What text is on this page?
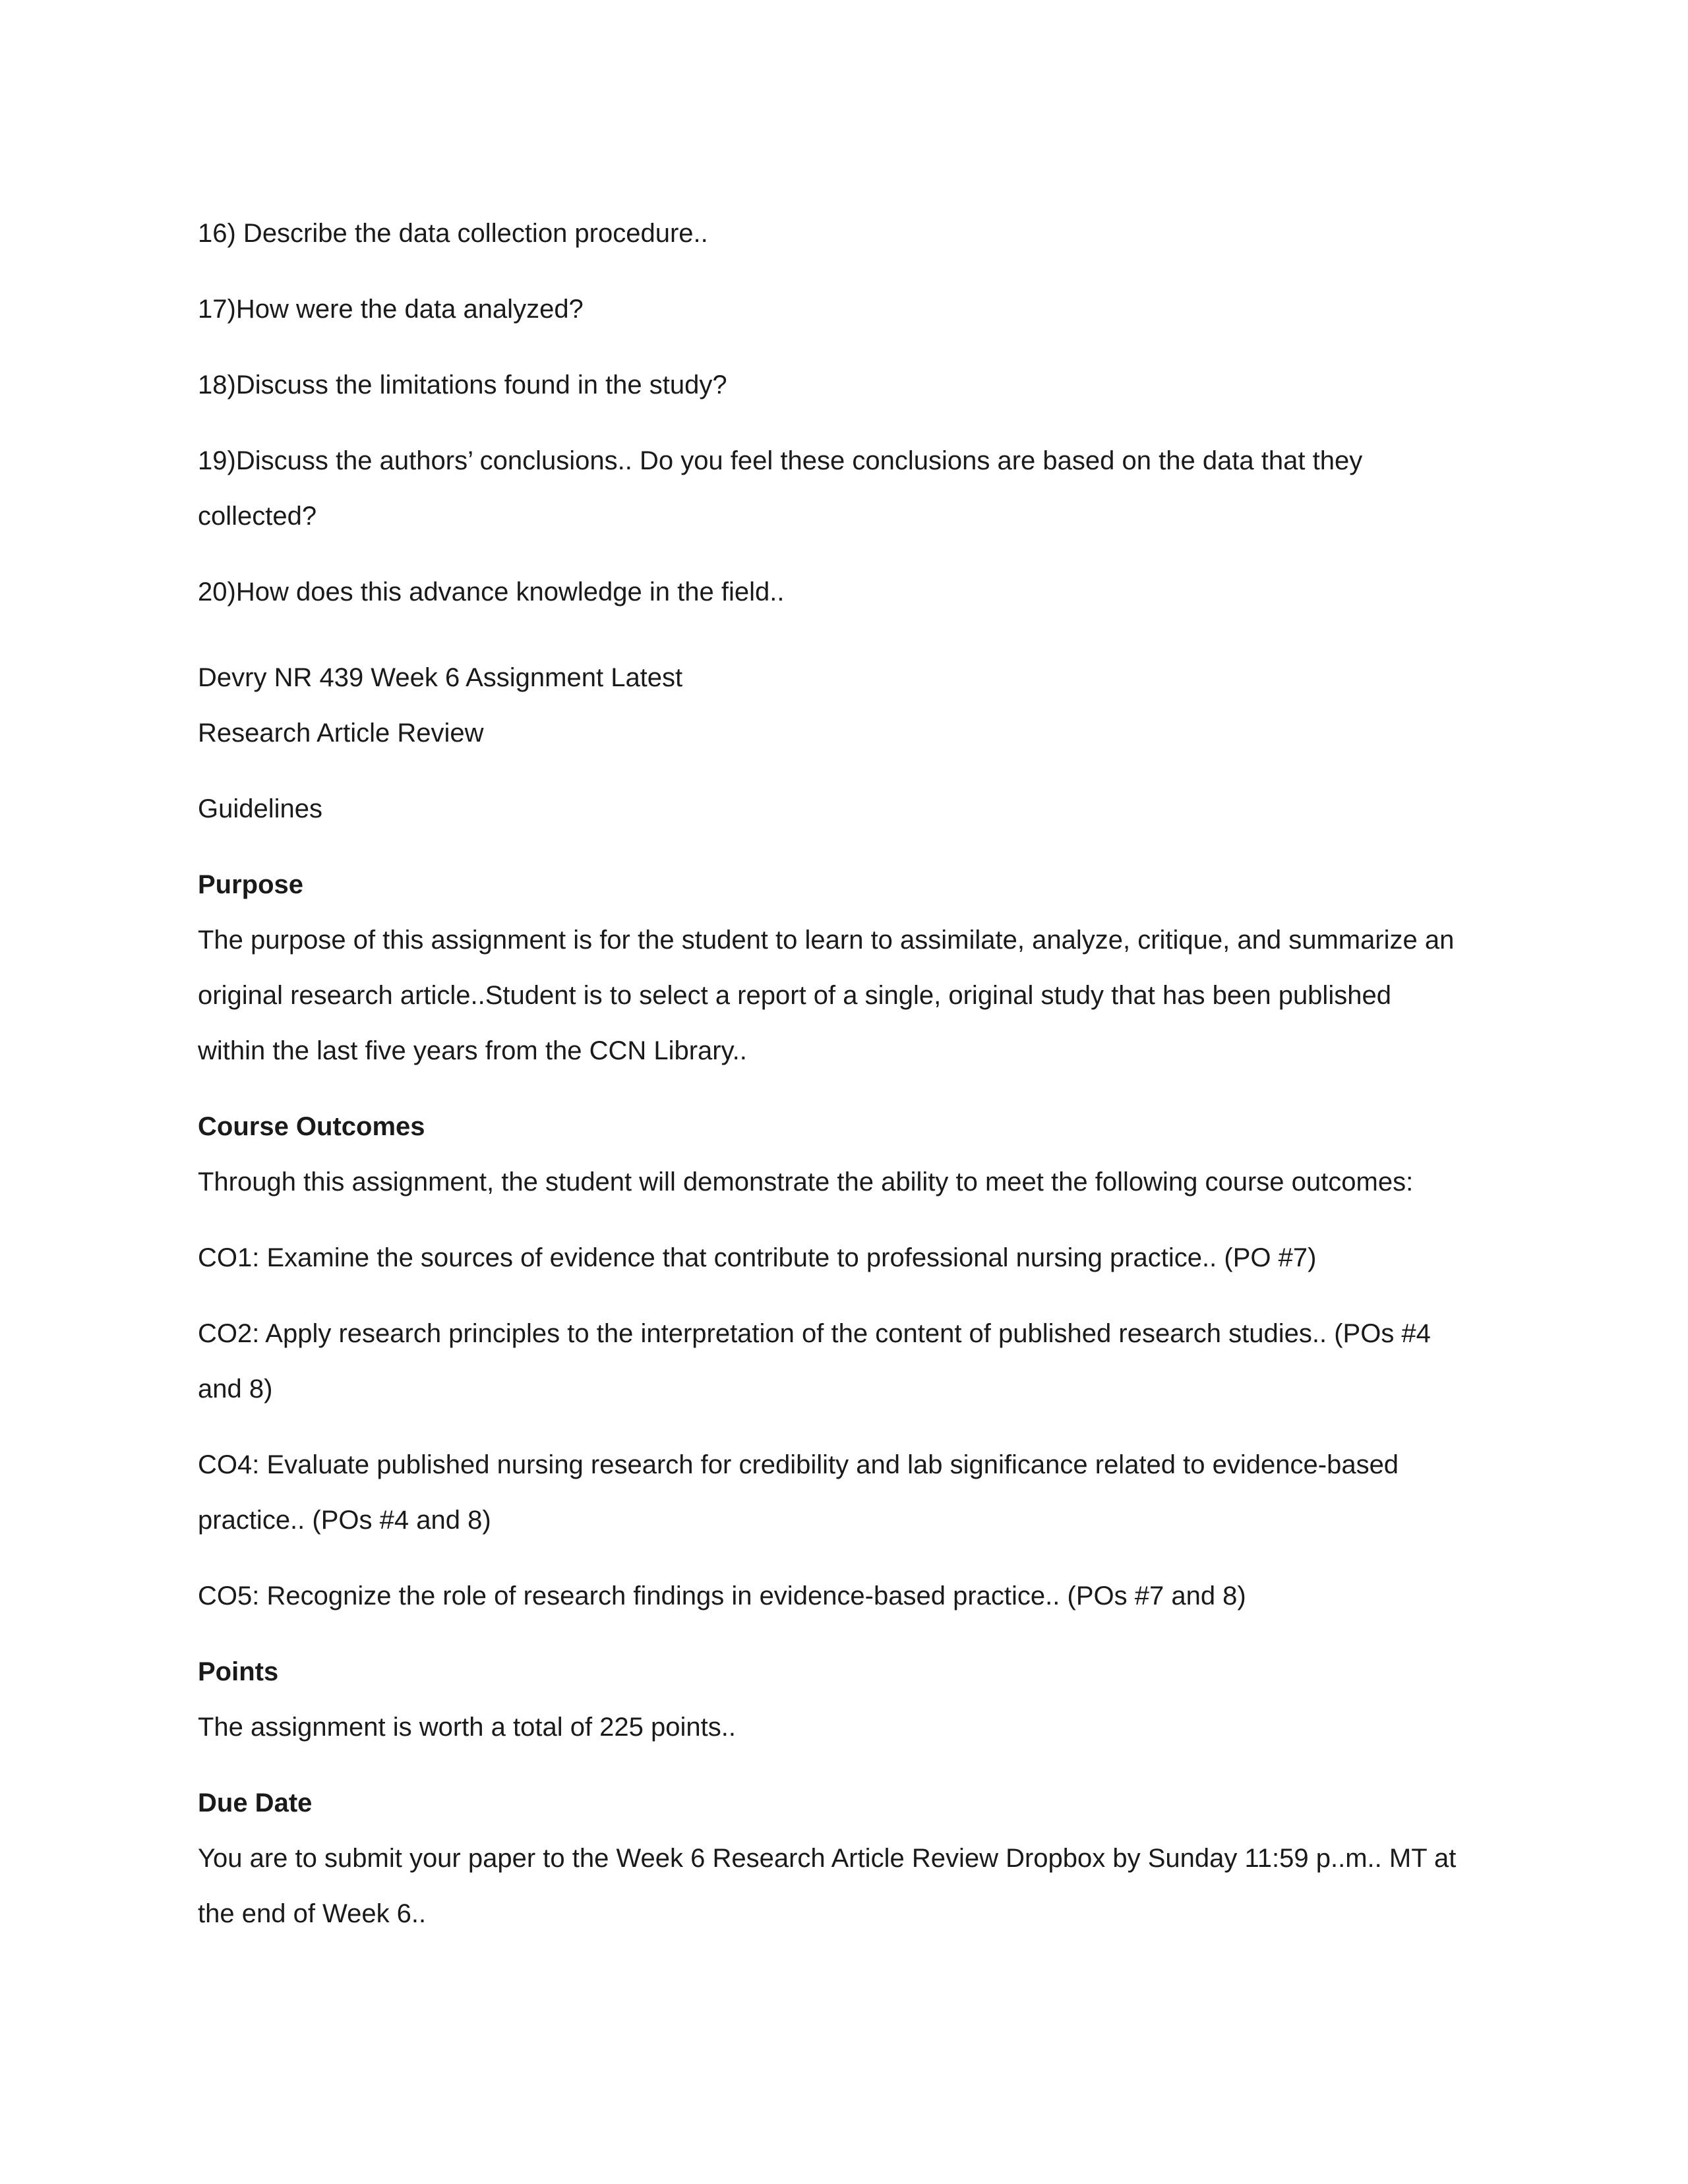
16) Describe the data collection procedure..

17)How were the data analyzed?

18)Discuss the limitations found in the study?

19)Discuss the authors’ conclusions.. Do you feel these conclusions are based on the data that they

collected?

20)How does this advance knowledge in the field..

Devry NR 439 Week 6 Assignment Latest

Research Article Review

Guidelines

Purpose

The purpose of this assignment is for the student to learn to assimilate, analyze, critique, and summarize an

original research article..Student is to select a report of a single, original study that has been published

within the last five years from the CCN Library..

Course Outcomes

Through this assignment, the student will demonstrate the ability to meet the following course outcomes:

CO1: Examine the sources of evidence that contribute to professional nursing practice.. (PO #7)

CO2: Apply research principles to the interpretation of the content of published research studies.. (POs #4

and 8)

CO4: Evaluate published nursing research for credibility and lab significance related to evidence-based

practice.. (POs #4 and 8)

CO5: Recognize the role of research findings in evidence-based practice.. (POs #7 and 8)

Points

The assignment is worth a total of 225 points..

Due Date

You are to submit your paper to the Week 6 Research Article Review Dropbox by Sunday 11:59 p..m.. MT at

the end of Week 6..
